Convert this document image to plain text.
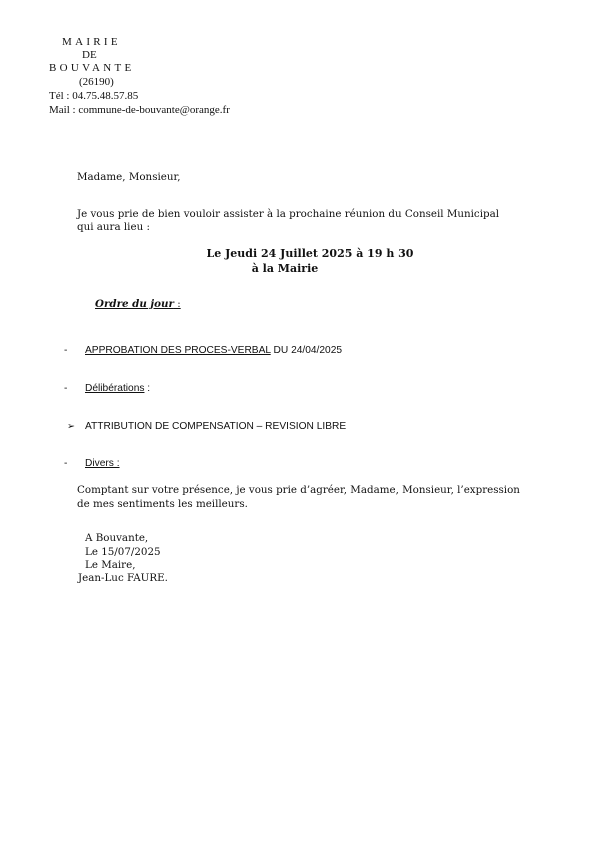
MAIRIE
DE
BOUVANTE
(26190)
Tél : 04.75.48.57.85
Mail : commune-de-bouvante@orange.fr
Madame, Monsieur,
Je vous prie de bien vouloir assister à la prochaine réunion du Conseil Municipal
qui aura lieu :
Le Jeudi 24 Juillet 2025 à 19 h 30
à la Mairie
Ordre du jour :
- APPROBATION DES PROCES-VERBAL DU 24/04/2025
- Délibérations :
➢ ATTRIBUTION DE COMPENSATION – REVISION LIBRE
- Divers :
Comptant sur votre présence, je vous prie d’agréer, Madame, Monsieur, l’expression
de mes sentiments les meilleurs.
A Bouvante,
Le 15/07/2025
Le Maire,
Jean-Luc FAURE.
